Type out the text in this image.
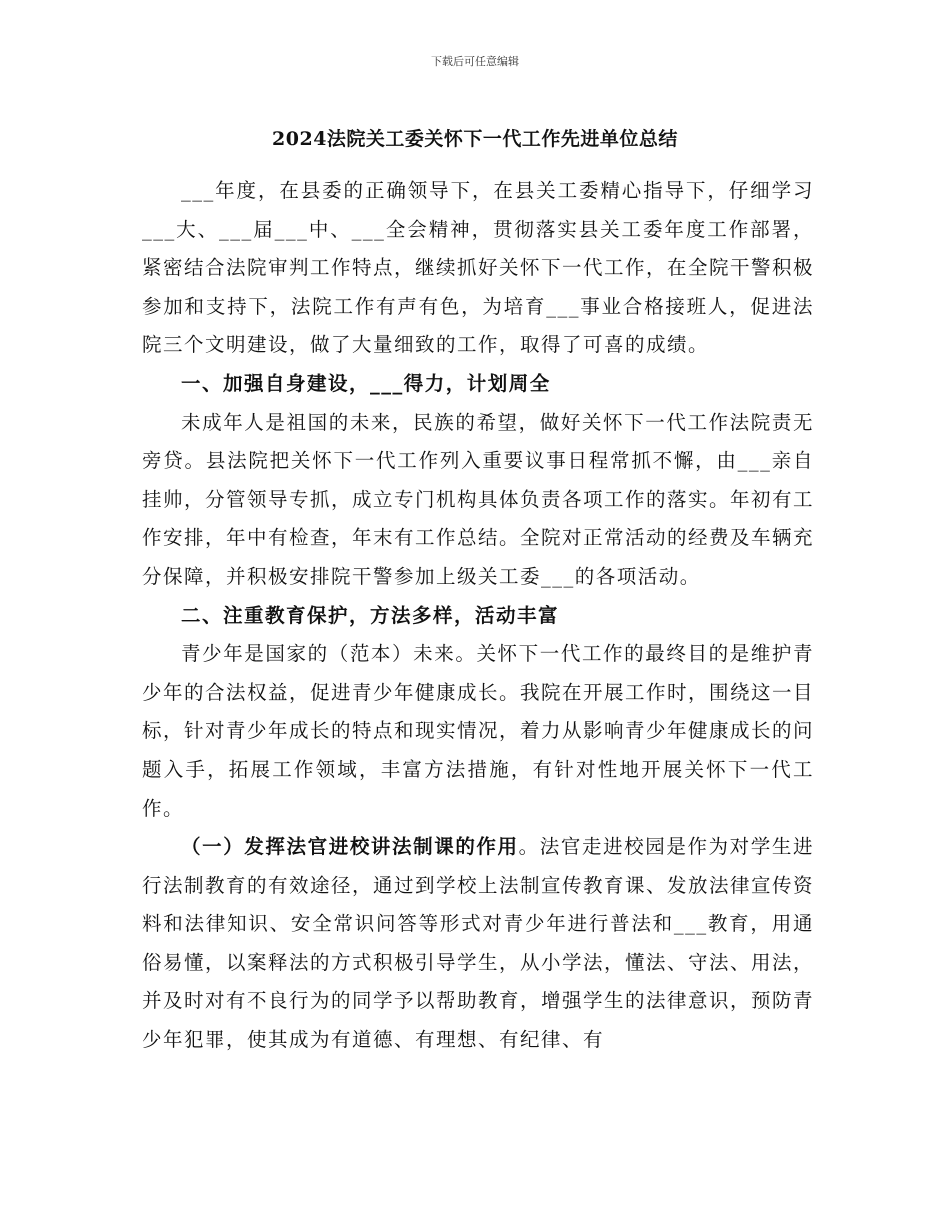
下载后可任意编辑
2024法院关工委关怀下一代工作先进单位总结

___年度，在县委的正确领导下，在县关工委精心指导下，仔细学习___大、___届___中、___全会精神，贯彻落实县关工委年度工作部署，紧密结合法院审判工作特点，继续抓好关怀下一代工作，在全院干警积极参加和支持下，法院工作有声有色，为培育___事业合格接班人，促进法院三个文明建设，做了大量细致的工作，取得了可喜的成绩。

一、加强自身建设，___得力，计划周全

未成年人是祖国的未来，民族的希望，做好关怀下一代工作法院责无旁贷。县法院把关怀下一代工作列入重要议事日程常抓不懈，由___亲自挂帅，分管领导专抓，成立专门机构具体负责各项工作的落实。年初有工作安排，年中有检查，年末有工作总结。全院对正常活动的经费及车辆充分保障，并积极安排院干警参加上级关工委___的各项活动。

二、注重教育保护，方法多样，活动丰富

青少年是国家的（范本）未来。关怀下一代工作的最终目的是维护青少年的合法权益，促进青少年健康成长。我院在开展工作时，围绕这一目标，针对青少年成长的特点和现实情况，着力从影响青少年健康成长的问题入手，拓展工作领域，丰富方法措施，有针对性地开展关怀下一代工作。

（一）发挥法官进校讲法制课的作用。法官走进校园是作为对学生进行法制教育的有效途径，通过到学校上法制宣传教育课、发放法律宣传资料和法律知识、安全常识问答等形式对青少年进行普法和___教育，用通俗易懂，以案释法的方式积极引导学生，从小学法，懂法、守法、用法，并及时对有不良行为的同学予以帮助教育，增强学生的法律意识，预防青少年犯罪，使其成为有道德、有理想、有纪律、有
